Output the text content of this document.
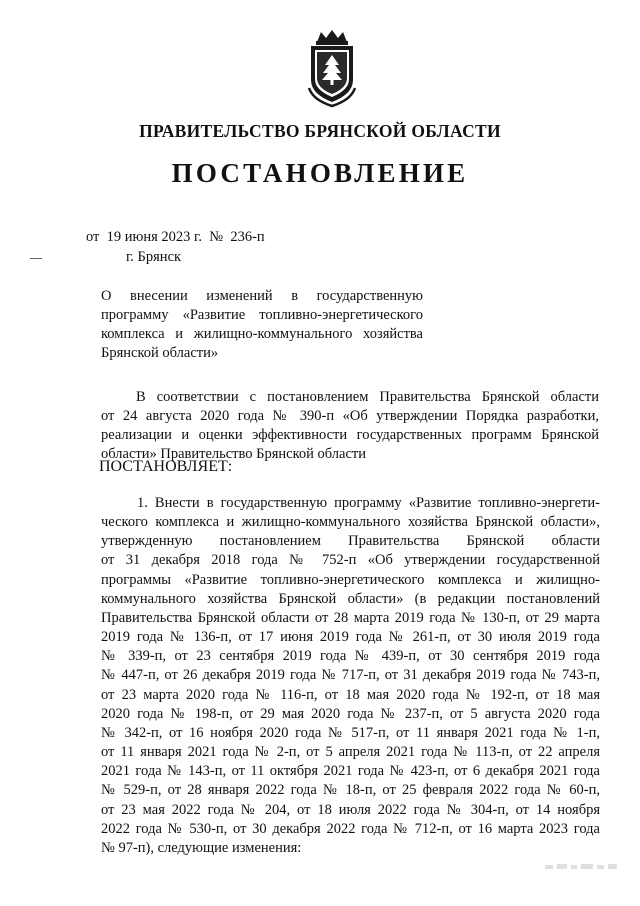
ПРАВИТЕЛЬСТВО БРЯНСКОЙ ОБЛАСТИ
ПОСТАНОВЛЕНИЕ
от  19 июня 2023 г.  №  236-п
г. Брянск
О внесении изменений в государственную
программу «Развитие топливно-энергетического
комплекса и жилищно-коммунального хозяйства
Брянской области»
В соответствии с постановлением Правительства Брянской области
от 24 августа 2020 года № 390-п «Об утверждении Порядка разработки,
реализации и оценки эффективности государственных программ Брянской
области» Правительство Брянской области
ПОСТАНОВЛЯЕТ:
1. Внести в государственную программу «Развитие топливно-энергети-
ческого комплекса и жилищно-коммунального хозяйства Брянской области»,
утвержденную постановлением Правительства Брянской области
от 31 декабря 2018 года № 752-п «Об утверждении государственной
программы «Развитие топливно-энергетического комплекса и жилищно-
коммунального хозяйства Брянской области» (в редакции постановлений
Правительства Брянской области от 28 марта 2019 года № 130-п, от 29 марта
2019 года № 136-п, от 17 июня 2019 года № 261-п, от 30 июля 2019 года
№ 339-п, от 23 сентября 2019 года № 439-п, от 30 сентября 2019 года
№ 447-п, от 26 декабря 2019 года № 717-п, от 31 декабря 2019 года № 743-п,
от 23 марта 2020 года № 116-п, от 18 мая 2020 года № 192-п, от 18 мая
2020 года № 198-п, от 29 мая 2020 года № 237-п, от 5 августа 2020 года
№ 342-п, от 16 ноября 2020 года № 517-п, от 11 января 2021 года № 1-п,
от 11 января 2021 года № 2-п, от 5 апреля 2021 года № 113-п, от 22 апреля
2021 года № 143-п, от 11 октября 2021 года № 423-п, от 6 декабря 2021 года
№ 529-п, от 28 января 2022 года № 18-п, от 25 февраля 2022 года № 60-п,
от 23 мая 2022 года № 204, от 18 июля 2022 года № 304-п, от 14 ноября
2022 года № 530-п, от 30 декабря 2022 года № 712-п, от 16 марта 2023 года
№ 97-п), следующие изменения:
